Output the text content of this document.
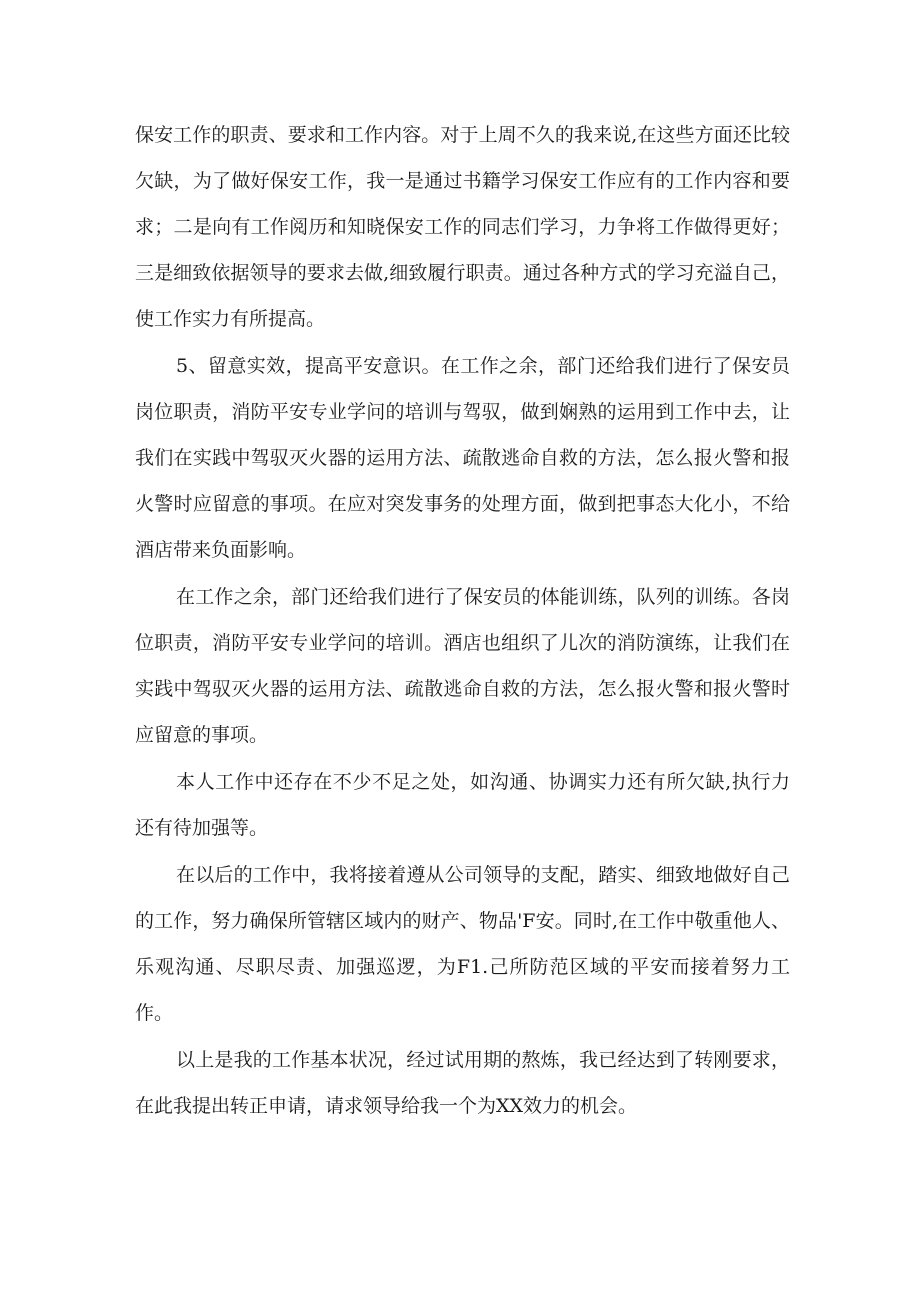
保安工作的职责、要求和工作内容。对于上周不久的我来说,在这些方面还比较欠缺，为了做好保安工作，我一是通过书籍学习保安工作应有的工作内容和要求；二是向有工作阅历和知晓保安工作的同志们学习，力争将工作做得更好；三是细致依据领导的要求去做,细致履行职责。通过各种方式的学习充溢自己，使工作实力有所提高。

5、留意实效，提高平安意识。在工作之余，部门还给我们进行了保安员岗位职责，消防平安专业学问的培训与驾驭，做到娴熟的运用到工作中去，让我们在实践中驾驭灭火器的运用方法、疏散逃命自救的方法，怎么报火警和报火警时应留意的事项。在应对突发事务的处理方面，做到把事态大化小，不给酒店带来负面影响。

在工作之余，部门还给我们进行了保安员的体能训练，队列的训练。各岗位职责，消防平安专业学问的培训。酒店也组织了儿次的消防演练，让我们在实践中驾驭灭火器的运用方法、疏散逃命自救的方法，怎么报火警和报火警时应留意的事项。

本人工作中还存在不少不足之处，如沟通、协调实力还有所欠缺,执行力还有待加强等。

在以后的工作中，我将接着遵从公司领导的支配，踏实、细致地做好自己的工作，努力确保所管辖区域内的财产、物品'F安。同时,在工作中敬重他人、乐观沟通、尽职尽责、加强巡逻，为F1.己所防范区域的平安而接着努力工作。

以上是我的工作基本状况，经过试用期的熬炼，我已经达到了转刚要求，在此我提出转正申请，请求领导给我一个为XX效力的机会。
